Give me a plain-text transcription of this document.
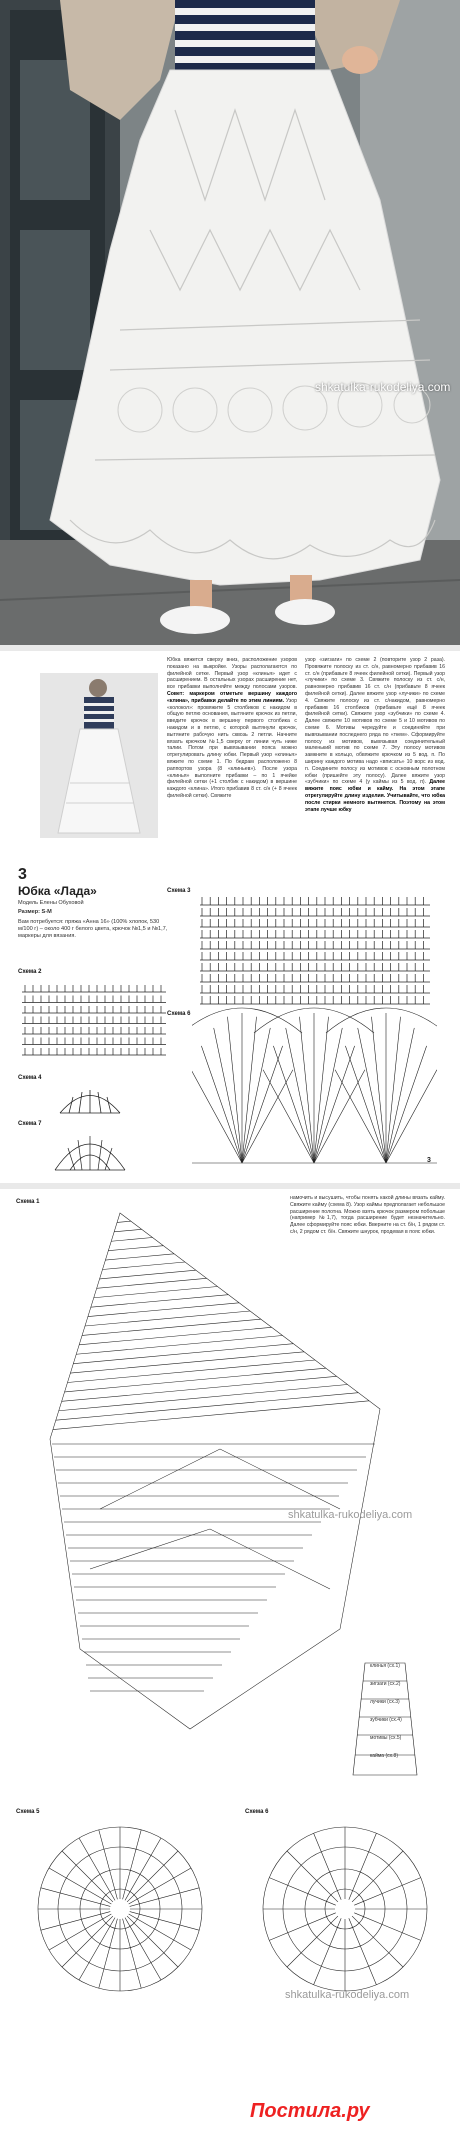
shkatulka-rukodeliya.com
3
Юбка «Лада»
Модель Елены Обуховой
Размер: S-M
Вам потребуется: пряжа «Анна 16» (100% хлопок, 530 м/100 г) – около 400 г белого цвета, крючок №1,5 и №1,7, маркеры для вязания.
Юбка вяжется сверху вниз, расположение узоров показано на выкройке. Узоры располагаются по филейной сетке. Первый узор «клинья» идет с расширением. В остальных узорах расширение нет, все прибавки выполняйте между полосами узоров. Совет: маркером отметьте вершину каждого «клина», прибавки делайте по этим линиям. Узор «колокол»: провяжите 5 столбиков с накидом в общую петлю основания, вытяните крючок из петли, введите крючок в вершину первого столбика с накидом и в петлю, с которой вытянули крючок, вытяните рабочую нить сквозь 2 петли. Начните вязать крючком №1,5 сверху от линии чуть ниже талии. Потом при вывязывании пояса можно отрегулировать длину юбки. Первый узор «клинья» вяжите по схеме 1. По бедрам расположено 8 раппортов узора (8 «клиньев»). После узора «клинья» выполните прибавки – по 1 ячейке филейной сетки (+1 столбик с накидом) в вершине каждого «клина». Итого прибавив 8 ст. с/н (+ 8 ячеек филейной сетки). Свяжите
узор «зигзаги» по схеме 2 (повторите узор 2 раза). Провяжите полоску из ст. с/н, равномерно прибавив 16 ст. с/н (прибавьте 8 ячеек филейной сетки). Первый узор «лучики» по схеме 3. Свяжите полоску из ст. с/н, равномерно прибавив 16 ст. с/н (прибавьте 8 ячеек филейной сетки). Далее вяжите узор «лучики» по схеме 4. Свяжите полоску из ст. с/накидом, равномерно прибавив 16 столбиков (прибавьте ещё 8 ячеек филейной сетки). Свяжите узор «зубчики» по схеме 4. Далее свяжите 10 мотивов по схеме 5 и 10 мотивов по схеме 6. Мотивы чередуйте и соединяйте при вывязывании последнего ряда по «ткем». Сформируйте полосу из мотивов, вывязывая соединительный маленький мотив по схеме 7. Эту полосу мотивов замкните в кольцо, обвяжите крючком из 5 вод. п. По ширину каждого мотива надо «вписать» 10 ворс из вод. п. Соедините полосу из мотивов с основным полотном юбки (пришейте эту полосу). Далее вяжите узор «зубчики» по схеме 4 (у каймы из 5 вод. п). Далее вяжите пояс юбки и кайму. На этом этапе отрегулируйте длину изделия. Учитывайте, что юбка после стирки немного вытянется. Поэтому на этом этапе лучше юбку
Схема 3
Схема 2
Схема 6
Схема 4
Схема 7
3
Схема 1
намочить и высушить, чтобы понять какой длины вязать кайму. Свяжите кайму (схема 8). Узор каймы предполагает небольшое расширение полотна. Можно взять крючок размером побольше (например №1,7), тогда расширение будет незначительно. Далее сформируйте пояс юбки. Вверните на ст. б/н, 1 рядом ст. с/н, 2 рядом ст. б/н. Свяжите шнурок, продевая в пояс юбки.
shkatulka-rukodeliya.com
клинья (сх.1)
зигзаги (сх.2)
лучики (сх.3)
зубчики (сх.4)
мотивы (сх.5)
кайма (сх.8)
Схема 5	Схема 6
shkatulka-rukodeliya.com
Постила.ру
